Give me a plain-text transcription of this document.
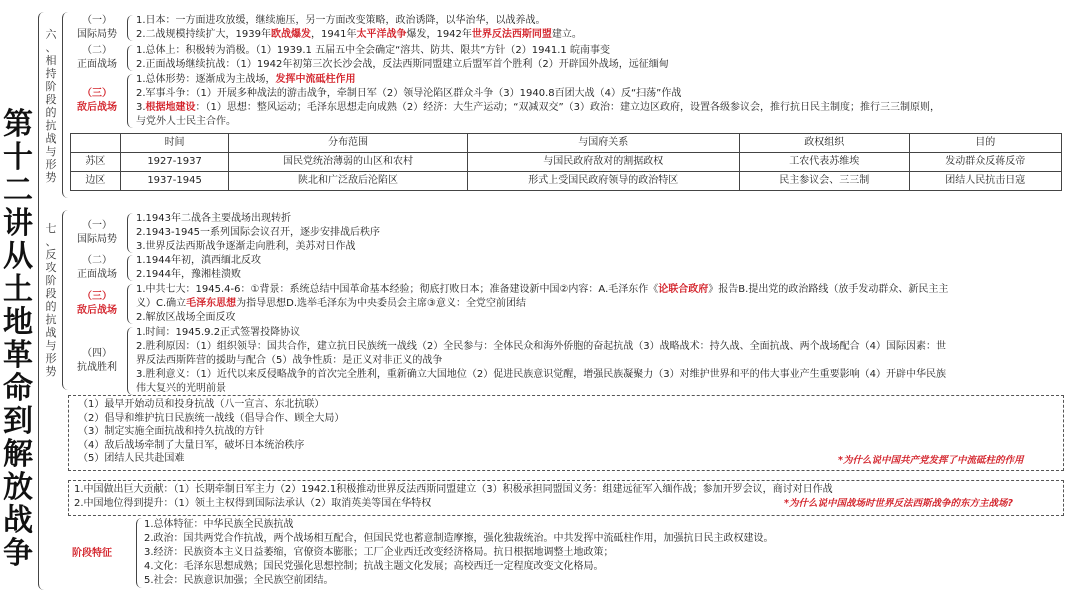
第
十
二
讲
从
土
地
革
命
到
解
放
战
争
六
、
相
持
阶
段
的
抗
战
与
形
势
七
、
反
攻
阶
段
的
抗
战
与
形
势
（一）
国际局势
1.日本：一方面进攻放缓，继续施压，另一方面改变策略，政治诱降，以华治华，以战养战。
2.二战规模持续扩大，1939年欧战爆发，1941年太平洋战争爆发，1942年世界反法西斯同盟建立。
（二）
正面战场
1.总体上：积极转为消极。（1）1939.1 五届五中全会确定“溶共、防共、限共”方针（2）1941.1 皖南事变
2.正面战场继续抗战：（1）1942年初第三次长沙会战，反法西斯同盟建立后盟军首个胜利（2）开辟国外战场，远征缅甸
（三）
敌后战场
1.总体形势：逐渐成为主战场，发挥中流砥柱作用
2.军事斗争：（1）开展多种战法的游击战争，牵制日军（2）领导沦陷区群众斗争（3）1940.8百团大战（4）反“扫荡”作战
3.根据地建设：（1）思想：整风运动；毛泽东思想走向成熟（2）经济：大生产运动；“双减双交”（3）政治：建立边区政府，设置各级参议会，推行抗日民主制度；推行三三制原则，
与党外人士民主合作。
	时间	分布范围	与国府关系	政权组织	目的
苏区	1927-1937	国民党统治薄弱的山区和农村	与国民政府敌对的割据政权	工农代表苏维埃	发动群众反蒋反帝
边区	1937-1945	陕北和广泛敌后沦陷区	形式上受国民政府领导的政治特区	民主参议会、三三制	团结人民抗击日寇
（一）
国际局势
1.1943年二战各主要战场出现转折
2.1943-1945一系列国际会议召开，逐步安排战后秩序
3.世界反法西斯战争逐渐走向胜利，美苏对日作战
（二）
正面战场
1.1944年初，滇西缅北反攻
2.1944年，豫湘桂溃败
（三）
敌后战场
1.中共七大：1945.4-6：①背景：系统总结中国革命基本经验；彻底打败日本；准备建设新中国②内容：A.毛泽东作《论联合政府》报告B.提出党的政治路线（放手发动群众、新民主主
义）C.确立毛泽东思想为指导思想D.选举毛泽东为中央委员会主席③意义：全党空前团结
2.解放区战场全面反攻
（四）
抗战胜利
1.时间：1945.9.2正式签署投降协议
2.胜利原因：（1）组织领导：国共合作，建立抗日民族统一战线（2）全民参与：全体民众和海外侨胞的奋起抗战（3）战略战术：持久战、全面抗战、两个战场配合（4）国际因素：世
界反法西斯阵营的援助与配合（5）战争性质：是正义对非正义的战争
3.胜利意义：（1）近代以来反侵略战争的首次完全胜利，重新确立大国地位（2）促进民族意识觉醒，增强民族凝聚力（3）对维护世界和平的伟大事业产生重要影响（4）开辟中华民族
伟大复兴的光明前景
（1）最早开始动员和投身抗战（八一宣言、东北抗联）
（2）倡导和维护抗日民族统一战线（倡导合作、顾全大局）
（3）制定实施全面抗战和持久抗战的方针
（4）敌后战场牵制了大量日军，破坏日本统治秩序
（5）团结人民共赴国难	*为什么说中国共产党发挥了中流砥柱的作用
1.中国做出巨大贡献：（1）长期牵制日军主力（2）1942.1积极推动世界反法西斯同盟建立（3）积极承担同盟国义务：组建远征军入缅作战；参加开罗会议，商讨对日作战
2.中国地位得到提升：（1）领土主权得到国际法承认（2）取消英美等国在华特权	*为什么说中国战场时世界反法西斯战争的东方主战场?
阶段特征
1.总体特征：中华民族全民族抗战
2.政治：国共两党合作抗战，两个战场相互配合，但国民党也蓄意制造摩擦，强化独裁统治。中共发挥中流砥柱作用，加强抗日民主政权建设。
3.经济：民族资本主义日益萎缩，官僚资本膨胀；工厂企业西迁改变经济格局。抗日根据地调整土地政策；
4.文化：毛泽东思想成熟；国民党强化思想控制；抗战主题文化发展；高校西迁一定程度改变文化格局。
5.社会：民族意识加强；全民族空前团结。
